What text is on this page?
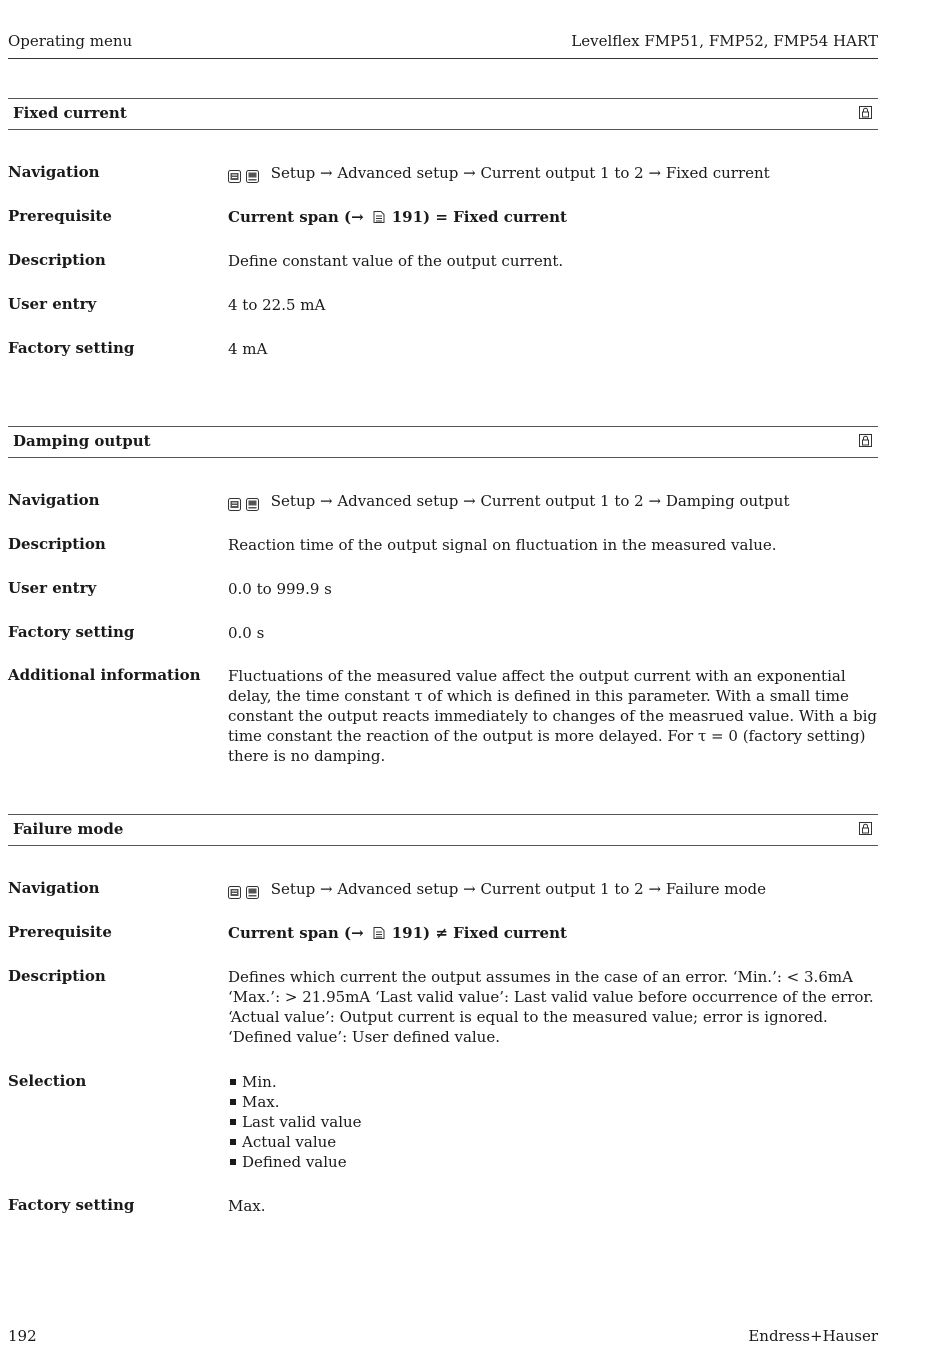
Operating menu	Levelflex FMP51, FMP52, FMP54 HART
Fixed current
Navigation	Setup → Advanced setup → Current output 1 to 2 → Fixed current
Prerequisite	Current span (→ 191) = Fixed current
Description	Define constant value of the output current.
User entry	4 to 22.5 mA
Factory setting	4 mA
Damping output
Navigation	Setup → Advanced setup → Current output 1 to 2 → Damping output
Description	Reaction time of the output signal on fluctuation in the measured value.
User entry	0.0 to 999.9 s
Factory setting	0.0 s
Additional information	Fluctuations of the measured value affect the output current with an exponential delay, the time constant τ of which is defined in this parameter. With a small time constant the output reacts immediately to changes of the measrued value. With a big time constant the reaction of the output is more delayed. For τ = 0 (factory setting) there is no damping.
Failure mode
Navigation	Setup → Advanced setup → Current output 1 to 2 → Failure mode
Prerequisite	Current span (→ 191) ≠ Fixed current
Description	Defines which current the output assumes in the case of an error. ‘Min.’: < 3.6mA ‘Max.’: > 21.95mA ‘Last valid value’: Last valid value before occurrence of the error. ‘Actual value’: Output current is equal to the measured value; error is ignored. ‘Defined value’: User defined value.
Selection	Min.
Max.
Last valid value
Actual value
Defined value
Factory setting	Max.
192	Endress+Hauser
